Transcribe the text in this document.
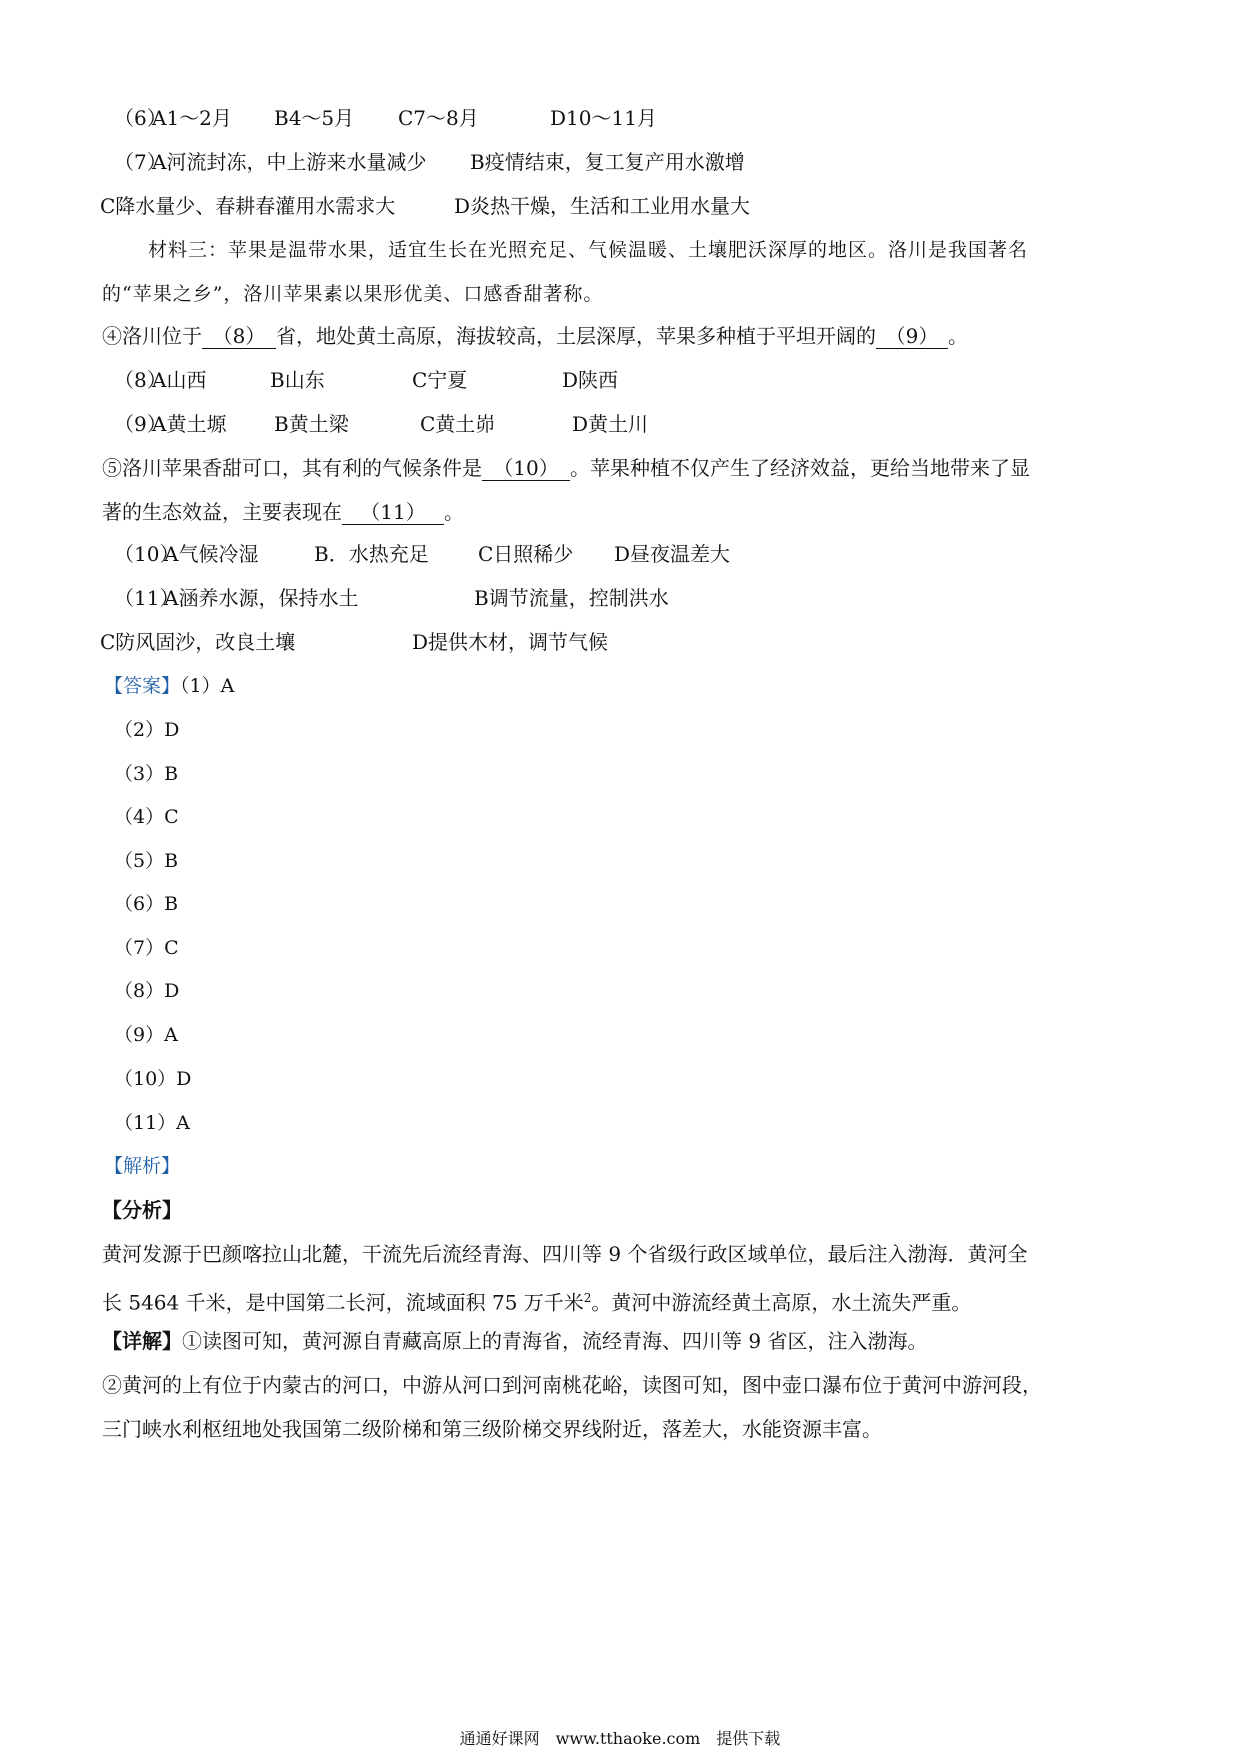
（6）
A1～2月 B4～5月 C7～8月	D10～11月
（7）
A河流封冻，中上游来水量减少 B疫情结束，复工复产用水激增
C降水量少、春耕春灌用水需求大	D炎热干燥，生活和工业用水量大
材料三：苹果是温带水果，适宜生长在光照充足、气候温暖、土壤肥沃深厚的地区。洛川是我国著名
的“苹果之乡”，洛川苹果素以果形优美、口感香甜著称。
④洛川位于 （8） 省，地处黄土高原，海拔较高，土层深厚，苹果多种植于平坦开阔的 （9） 。
（8）
A山西	B山东	C宁夏	D陕西
（9）
A黄土塬 B黄土梁	C黄土峁	D黄土川
⑤洛川苹果香甜可口，其有利的气候条件是 （10） 。苹果种植不仅产生了经济效益，更给当地带来了显
著的生态效益，主要表现在 （11） 。
（10）
A气候冷湿	B．水热充足 C日照稀少 D昼夜温差大
（11）
A涵养水源，保持水土	B调节流量，控制洪水
C防风固沙，改良土壤	D提供木材，调节气候
【答案】（1）A
（2）D
（3）B
（4）C
（5）B
（6）B
（7）C
（8）D
（9）A
（10）D
（11）A
【解析】
【分析】
黄河发源于巴颜喀拉山北麓，干流先后流经青海、四川等 9 个省级行政区域单位，最后注入渤海．黄河全
长 5464 千米，是中国第二长河，流域面积 75 万千米$^2$。黄河中游流经黄土高原，水土流失严重。
【详解】①读图可知，黄河源自青藏高原上的青海省，流经青海、四川等 9 省区，注入渤海。
②黄河的上有位于内蒙古的河口，中游从河口到河南桃花峪，读图可知，图中壶口瀑布位于黄河中游河段，
三门峡水利枢纽地处我国第二级阶梯和第三级阶梯交界线附近，落差大，水能资源丰富。
通通好课网　www.tthaoke.com　提供下载
